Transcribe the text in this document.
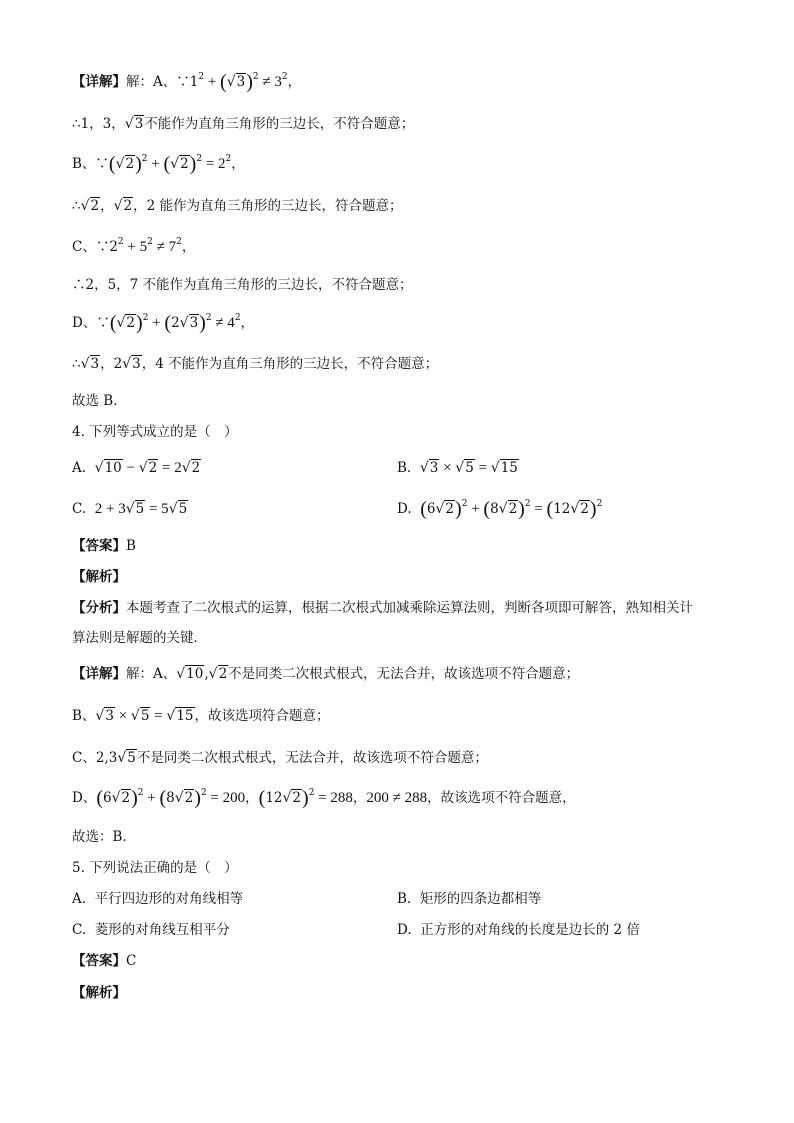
【详解】解：A、$\because 1^2 + (√3)^2 \ne 3^2$，
∴1，3，√3不能作为直角三角形的三边长，不符合题意；
B、$\because(√2)^2 + (√2)^2 = 2^2$，
∴√2，√2，2 能作为直角三角形的三边长，符合题意；
C、$\because 2^2 + 5^2 \ne 7^2$，
∴2，5，7 不能作为直角三角形的三边长，不符合题意；
D、$\because(√2)^2 + (2√3)^2 \ne 4^2$，
∴√3，2√3，4 不能作为直角三角形的三边长，不符合题意；
故选 B．
4. 下列等式成立的是（　）
A. √10 − √2 = 2√2	B. √3 × √5 = √15
C. 2 + 3√5 = 5√5	D. $(6√2)^2 + (8√2)^2 = (12√2)^2$
【答案】B
【解析】
【分析】本题考查了二次根式的运算，根据二次根式加减乘除运算法则，判断各项即可解答，熟知相关计
算法则是解题的关键．
【详解】解：A、√10,√2不是同类二次根式根式，无法合并，故该选项不符合题意；
B、√3 × √5 = √15，故该选项符合题意；
C、2,3√5不是同类二次根式根式，无法合并，故该选项不符合题意；
D、$(6√2)^2 + (8√2)^2 = 200$，$(12√2)^2 = 288$，200 ≠ 288，故该选项不符合题意，
故选：B．
5. 下列说法正确的是（　）
A. 平行四边形的对角线相等	B. 矩形的四条边都相等
C. 菱形的对角线互相平分	D. 正方形的对角线的长度是边长的 2 倍
【答案】C
【解析】
